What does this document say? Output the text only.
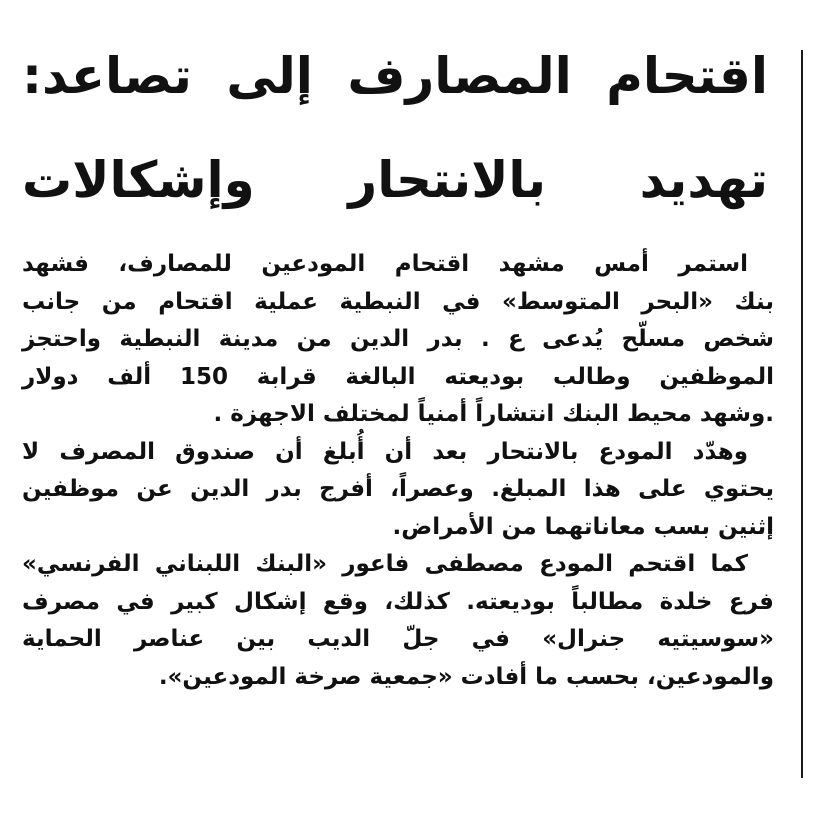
اقتحام المصارف إلى تصاعد:
تهديد بالانتحار وإشكالات

استمر أمس مشهد اقتحام المودعين للمصارف، فشهد
بنك «البحر المتوسط» في النبطية عملية اقتحام من جانب
شخص مسلّح يُدعى ع . بدر الدين من مدينة النبطية واحتجز
الموظفين وطالب بوديعته البالغة قرابة 150 ألف دولار
.وشهد محيط البنك انتشاراً أمنياً لمختلف الاجهزة .

وهدّد المودع بالانتحار بعد أن أُبلغ أن صندوق المصرف لا
يحتوي على هذا المبلغ. وعصراً، أفرج بدر الدين عن موظفين
إثنين بسب معاناتهما من الأمراض.

كما اقتحم المودع مصطفى فاعور «البنك اللبناني الفرنسي»
فرع خلدة مطالباً بوديعته. كذلك، وقع إشكال كبير في مصرف
«سوسيتيه جنرال» في جلّ الديب بين عناصر الحماية
والمودعين، بحسب ما أفادت «جمعية صرخة المودعين».
